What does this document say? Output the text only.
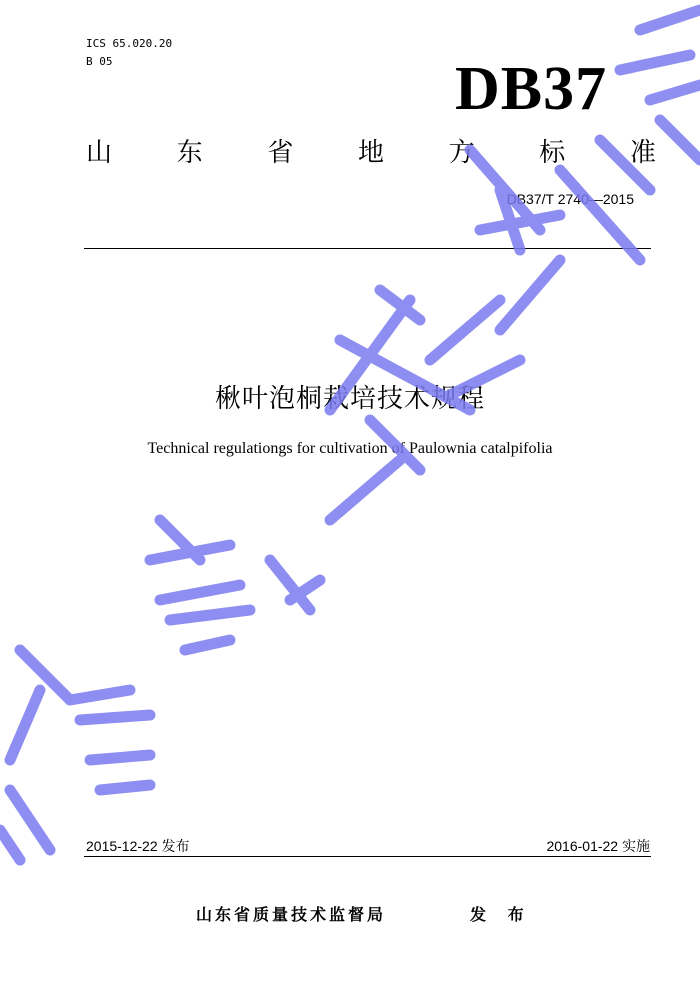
ICS 65.020.20
B 05	DB37
山 东 省 地 方 标 准
DB37/T 2740—2015
楸叶泡桐栽培技术规程
Technical regulationgs for cultivation of Paulownia catalpifolia
2015-12-22 发布	2016-01-22 实施
山东省质量技术监督局	发 布
